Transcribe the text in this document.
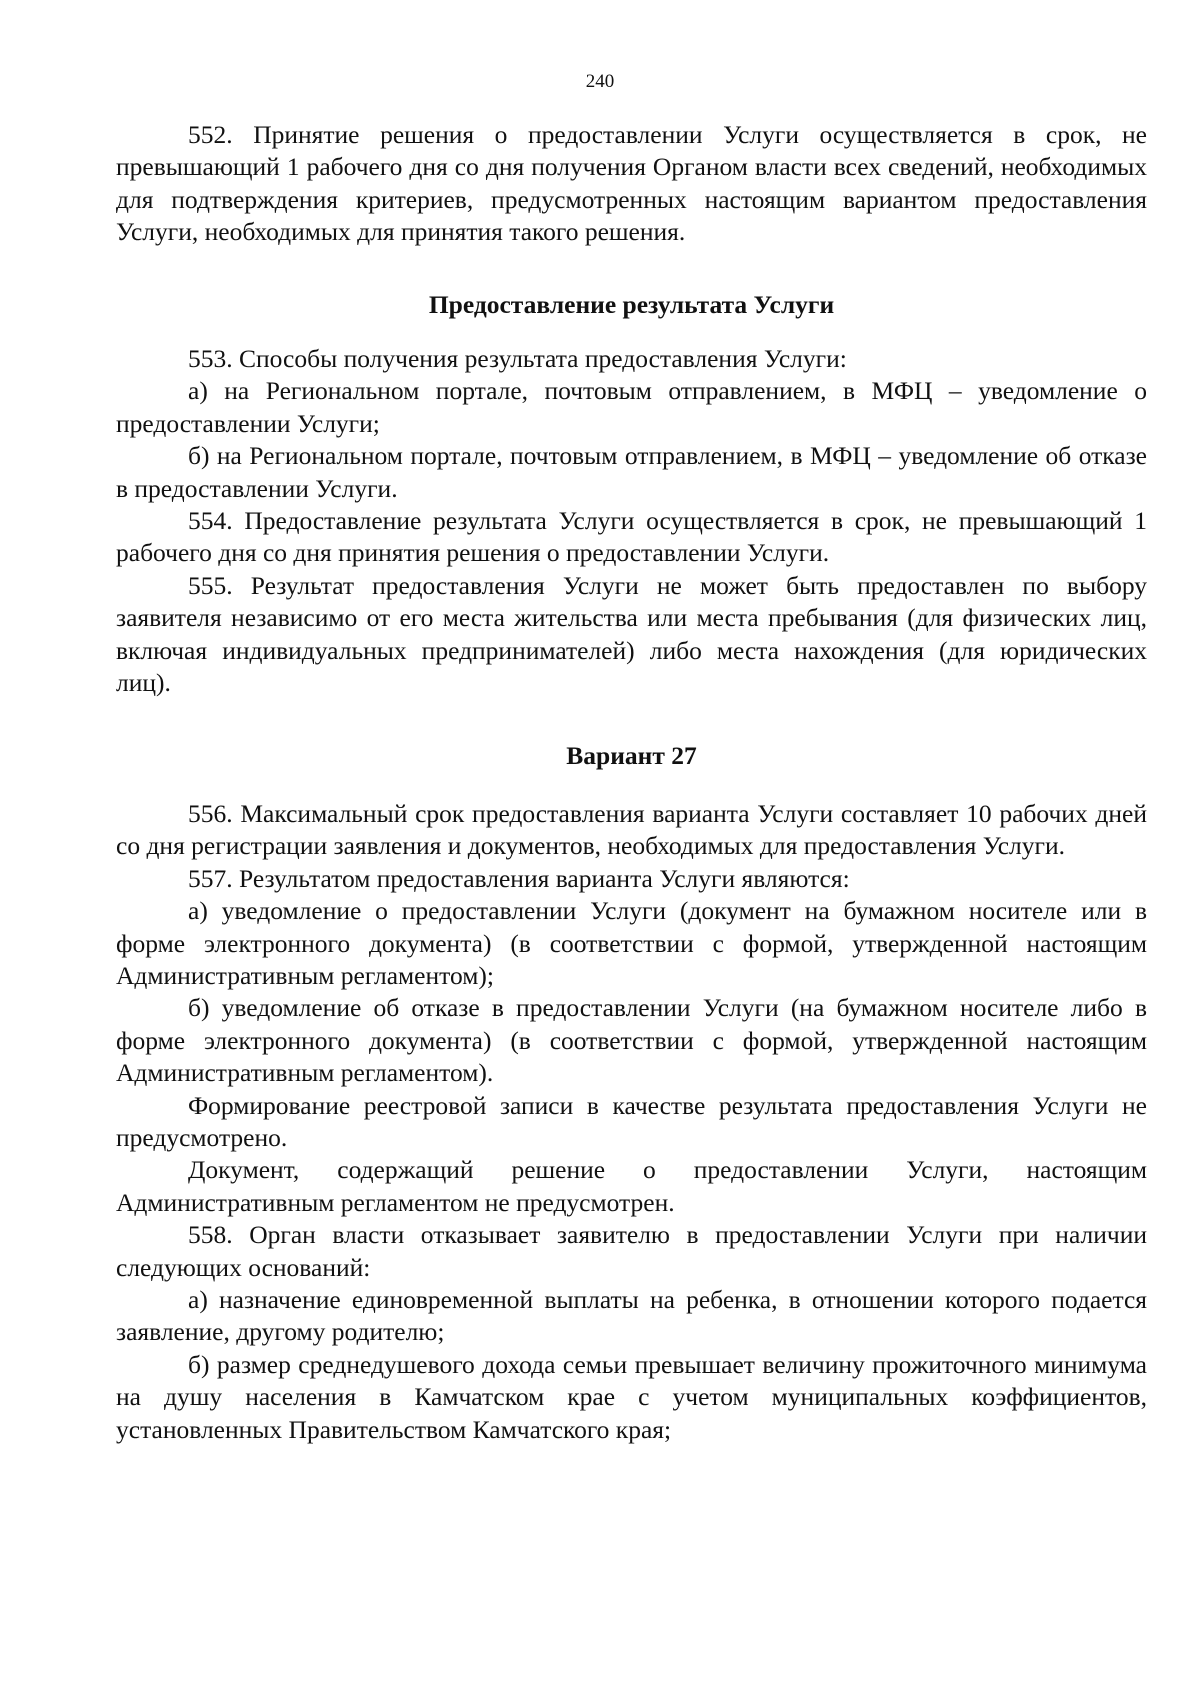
240

552. Принятие решения о предоставлении Услуги осуществляется в срок, не превышающий 1 рабочего дня со дня получения Органом власти всех сведений, необходимых для подтверждения критериев, предусмотренных настоящим вариантом предоставления Услуги, необходимых для принятия такого решения.

Предоставление результата Услуги

553. Способы получения результата предоставления Услуги:

а) на Региональном портале, почтовым отправлением, в МФЦ – уведомление о предоставлении Услуги;

б) на Региональном портале, почтовым отправлением, в МФЦ – уведомление об отказе в предоставлении Услуги.

554. Предоставление результата Услуги осуществляется в срок, не превышающий 1 рабочего дня со дня принятия решения о предоставлении Услуги.

555. Результат предоставления Услуги не может быть предоставлен по выбору заявителя независимо от его места жительства или места пребывания (для физических лиц, включая индивидуальных предпринимателей) либо места нахождения (для юридических лиц).

Вариант 27

556. Максимальный срок предоставления варианта Услуги составляет 10 рабочих дней со дня регистрации заявления и документов, необходимых для предоставления Услуги.

557. Результатом предоставления варианта Услуги являются:

а) уведомление о предоставлении Услуги (документ на бумажном носителе или в форме электронного документа) (в соответствии с формой, утвержденной настоящим Административным регламентом);

б) уведомление об отказе в предоставлении Услуги (на бумажном носителе либо в форме электронного документа) (в соответствии с формой, утвержденной настоящим Административным регламентом).

Формирование реестровой записи в качестве результата предоставления Услуги не предусмотрено.

Документ, содержащий решение о предоставлении Услуги, настоящим Административным регламентом не предусмотрен.

558. Орган власти отказывает заявителю в предоставлении Услуги при наличии следующих оснований:

а) назначение единовременной выплаты на ребенка, в отношении которого подается заявление, другому родителю;

б) размер среднедушевого дохода семьи превышает величину прожиточного минимума на душу населения в Камчатском крае с учетом муниципальных коэффициентов, установленных Правительством Камчатского края;
